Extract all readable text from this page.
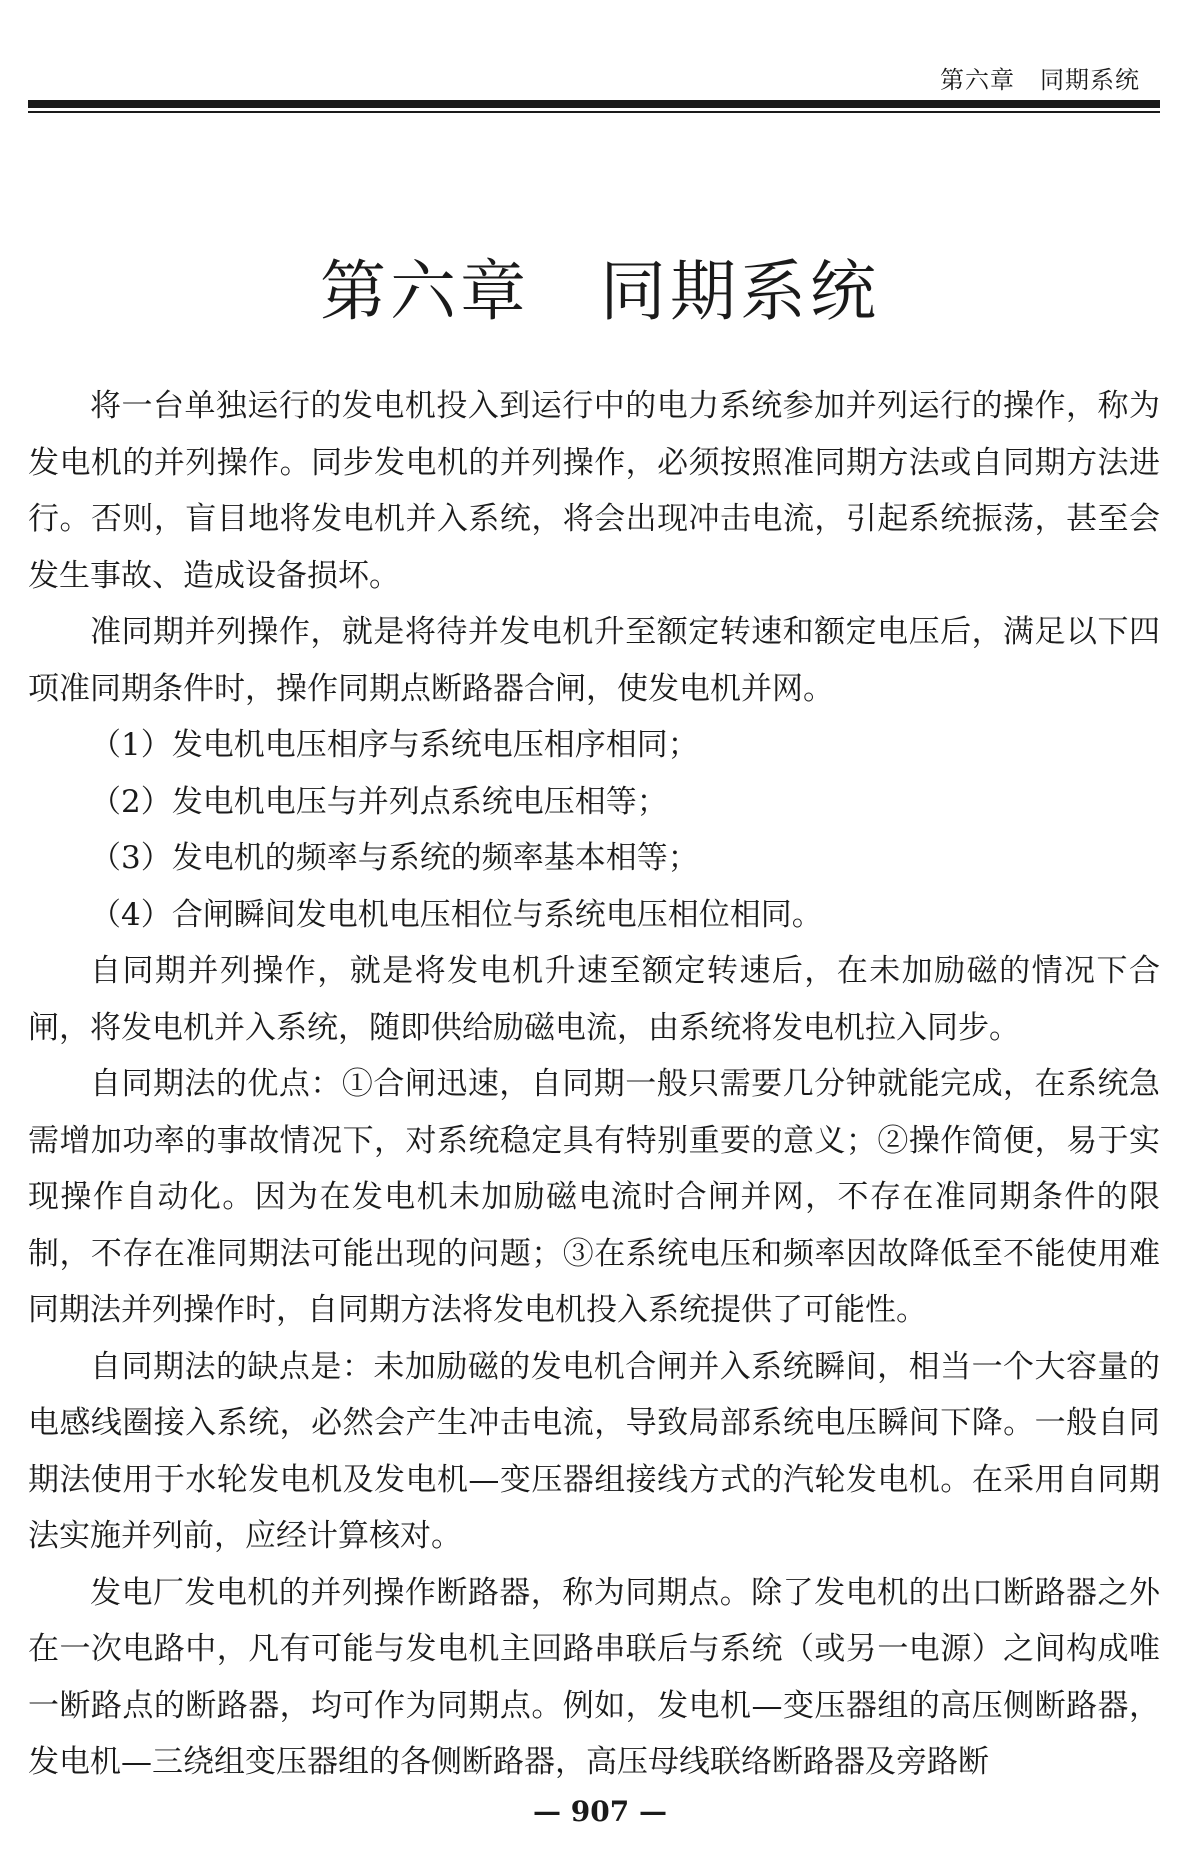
第六章　同期系统
第六章　同期系统

将一台单独运行的发电机投入到运行中的电力系统参加并列运行的操作，称为发电机的并列操作。同步发电机的并列操作，必须按照准同期方法或自同期方法进行。否则，盲目地将发电机并入系统，将会出现冲击电流，引起系统振荡，甚至会发生事故、造成设备损坏。

准同期并列操作，就是将待并发电机升至额定转速和额定电压后，满足以下四项准同期条件时，操作同期点断路器合闸，使发电机并网。

（1）发电机电压相序与系统电压相序相同；

（2）发电机电压与并列点系统电压相等；

（3）发电机的频率与系统的频率基本相等；

（4）合闸瞬间发电机电压相位与系统电压相位相同。

自同期并列操作，就是将发电机升速至额定转速后，在未加励磁的情况下合闸，将发电机并入系统，随即供给励磁电流，由系统将发电机拉入同步。

自同期法的优点：①合闸迅速，自同期一般只需要几分钟就能完成，在系统急需增加功率的事故情况下，对系统稳定具有特别重要的意义；②操作简便，易于实现操作自动化。因为在发电机未加励磁电流时合闸并网，不存在准同期条件的限制，不存在准同期法可能出现的问题；③在系统电压和频率因故降低至不能使用难同期法并列操作时，自同期方法将发电机投入系统提供了可能性。

自同期法的缺点是：未加励磁的发电机合闸并入系统瞬间，相当一个大容量的电感线圈接入系统，必然会产生冲击电流，导致局部系统电压瞬间下降。一般自同期法使用于水轮发电机及发电机—变压器组接线方式的汽轮发电机。在采用自同期法实施并列前，应经计算核对。

发电厂发电机的并列操作断路器，称为同期点。除了发电机的出口断路器之外在一次电路中，凡有可能与发电机主回路串联后与系统（或另一电源）之间构成唯一断路点的断路器，均可作为同期点。例如，发电机—变压器组的高压侧断路器，发电机—三绕组变压器组的各侧断路器，高压母线联络断路器及旁路断

— 907 —
